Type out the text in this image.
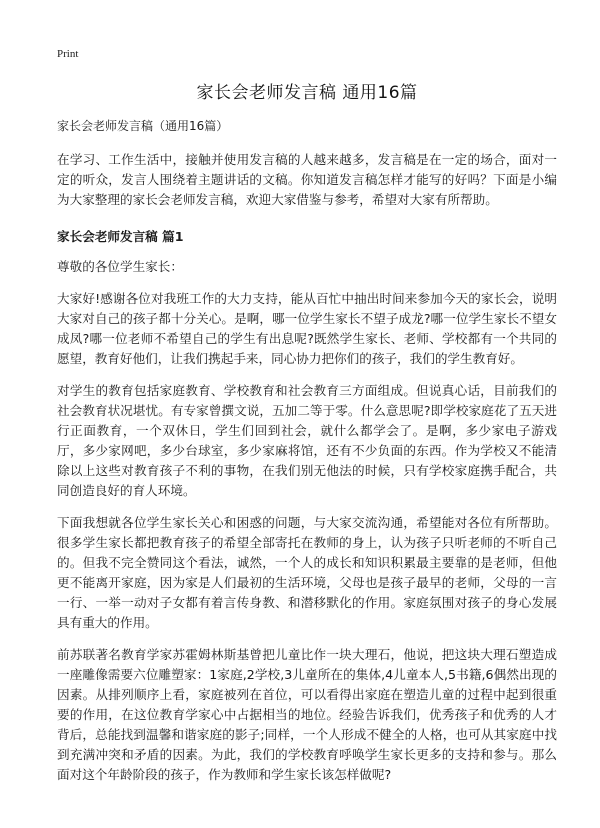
Print
家长会老师发言稿 通用16篇
家长会老师发言稿（通用16篇）

在学习、工作生活中，接触并使用发言稿的人越来越多，发言稿是在一定的场合，面对一定的听众，发言人围绕着主题讲话的文稿。你知道发言稿怎样才能写的好吗？下面是小编为大家整理的家长会老师发言稿，欢迎大家借鉴与参考，希望对大家有所帮助。

家长会老师发言稿 篇1

尊敬的各位学生家长：

大家好!感谢各位对我班工作的大力支持，能从百忙中抽出时间来参加今天的家长会，说明大家对自己的孩子都十分关心。是啊，哪一位学生家长不望子成龙?哪一位学生家长不望女成凤?哪一位老师不希望自己的学生有出息呢?既然学生家长、老师、学校都有一个共同的愿望，教育好他们，让我们携起手来，同心协力把你们的孩子，我们的学生教育好。

对学生的教育包括家庭教育、学校教育和社会教育三方面组成。但说真心话，目前我们的社会教育状况堪忧。有专家曾撰文说，五加二等于零。什么意思呢?即学校家庭花了五天进行正面教育，一个双休日，学生们回到社会，就什么都学会了。是啊，多少家电子游戏厅，多少家网吧，多少台球室，多少家麻将馆，还有不少负面的东西。作为学校又不能清除以上这些对教育孩子不利的事物，在我们别无他法的时候，只有学校家庭携手配合，共同创造良好的育人环境。

下面我想就各位学生家长关心和困惑的问题，与大家交流沟通，希望能对各位有所帮助。很多学生家长都把教育孩子的希望全部寄托在教师的身上，认为孩子只听老师的不听自己的。但我不完全赞同这个看法，诚然，一个人的成长和知识积累最主要靠的是老师，但他更不能离开家庭，因为家是人们最初的生活环境，父母也是孩子最早的老师，父母的一言一行、一举一动对子女都有着言传身教、和潜移默化的作用。家庭氛围对孩子的身心发展具有重大的作用。

前苏联著名教育学家苏霍姆林斯基曾把儿童比作一块大理石，他说，把这块大理石塑造成一座雕像需要六位雕塑家：1家庭,2学校,3儿童所在的集体,4儿童本人,5书籍,6偶然出现的因素。从排列顺序上看，家庭被列在首位，可以看得出家庭在塑造儿童的过程中起到很重要的作用，在这位教育学家心中占据相当的地位。经验告诉我们，优秀孩子和优秀的人才背后，总能找到温馨和谐家庭的影子;同样，一个人形成不健全的人格，也可从其家庭中找到充满冲突和矛盾的因素。为此，我们的学校教育呼唤学生家长更多的支持和参与。那么面对这个年龄阶段的孩子，作为教师和学生家长该怎样做呢?
